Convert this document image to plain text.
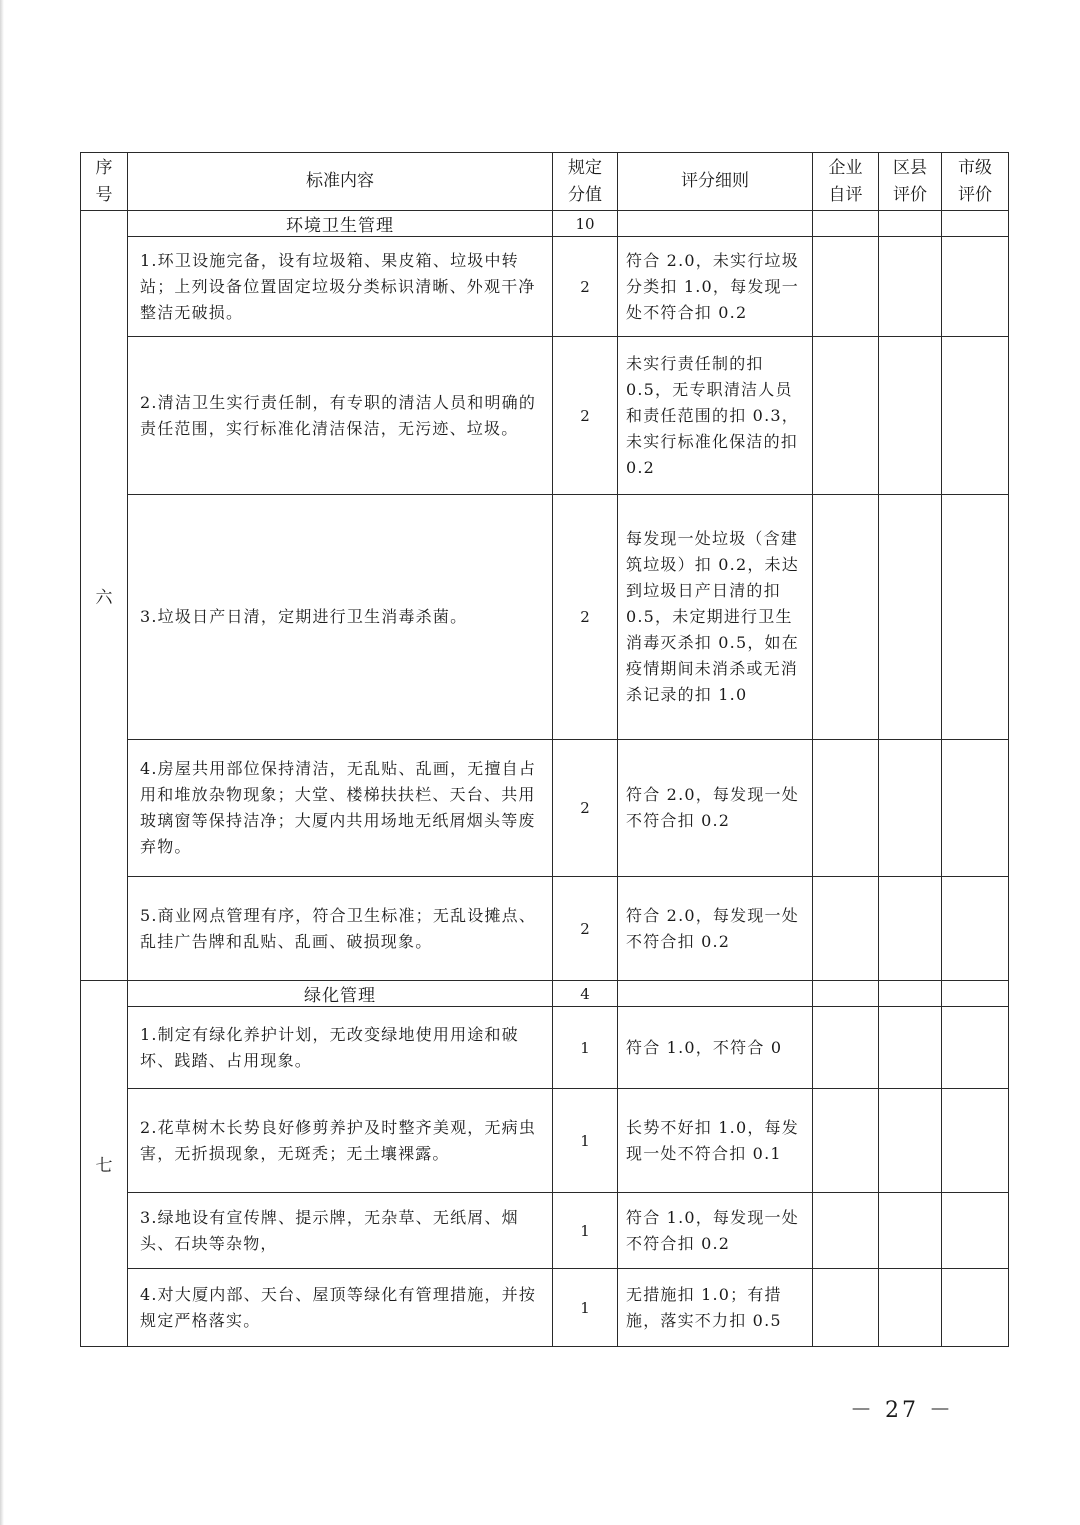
序号	标准内容	规定分值	评分细则	企业自评	区县评价	市级评价
六	环境卫生管理	10				
	1.环卫设施完备，设有垃圾箱、果皮箱、垃圾中转站；上列设备位置固定垃圾分类标识清晰、外观干净整洁无破损。	2	符合 2.0，未实行垃圾分类扣 1.0，每发现一处不符合扣 0.2			
	2.清洁卫生实行责任制，有专职的清洁人员和明确的责任范围，实行标准化清洁保洁，无污迹、垃圾。	2	未实行责任制的扣 0.5，无专职清洁人员和责任范围的扣 0.3，未实行标准化保洁的扣 0.2			
	3.垃圾日产日清，定期进行卫生消毒杀菌。	2	每发现一处垃圾（含建筑垃圾）扣 0.2，未达到垃圾日产日清的扣 0.5，未定期进行卫生消毒灭杀扣 0.5，如在疫情期间未消杀或无消杀记录的扣 1.0			
	4.房屋共用部位保持清洁，无乱贴、乱画，无擅自占用和堆放杂物现象；大堂、楼梯扶扶栏、天台、共用玻璃窗等保持洁净；大厦内共用场地无纸屑烟头等废弃物。	2	符合 2.0，每发现一处不符合扣 0.2			
	5.商业网点管理有序，符合卫生标准；无乱设摊点、乱挂广告牌和乱贴、乱画、破损现象。	2	符合 2.0，每发现一处不符合扣 0.2			
七	绿化管理	4				
	1.制定有绿化养护计划，无改变绿地使用用途和破坏、践踏、占用现象。	1	符合 1.0，不符合 0			
	2.花草树木长势良好修剪养护及时整齐美观，无病虫害，无折损现象，无斑秃；无土壤裸露。	1	长势不好扣 1.0，每发现一处不符合扣 0.1			
	3.绿地设有宣传牌、提示牌，无杂草、无纸屑、烟头、石块等杂物，	1	符合 1.0，每发现一处不符合扣 0.2			
	4.对大厦内部、天台、屋顶等绿化有管理措施，并按规定严格落实。	1	无措施扣 1.0；有措施，落实不力扣 0.5			
－ 27 －
